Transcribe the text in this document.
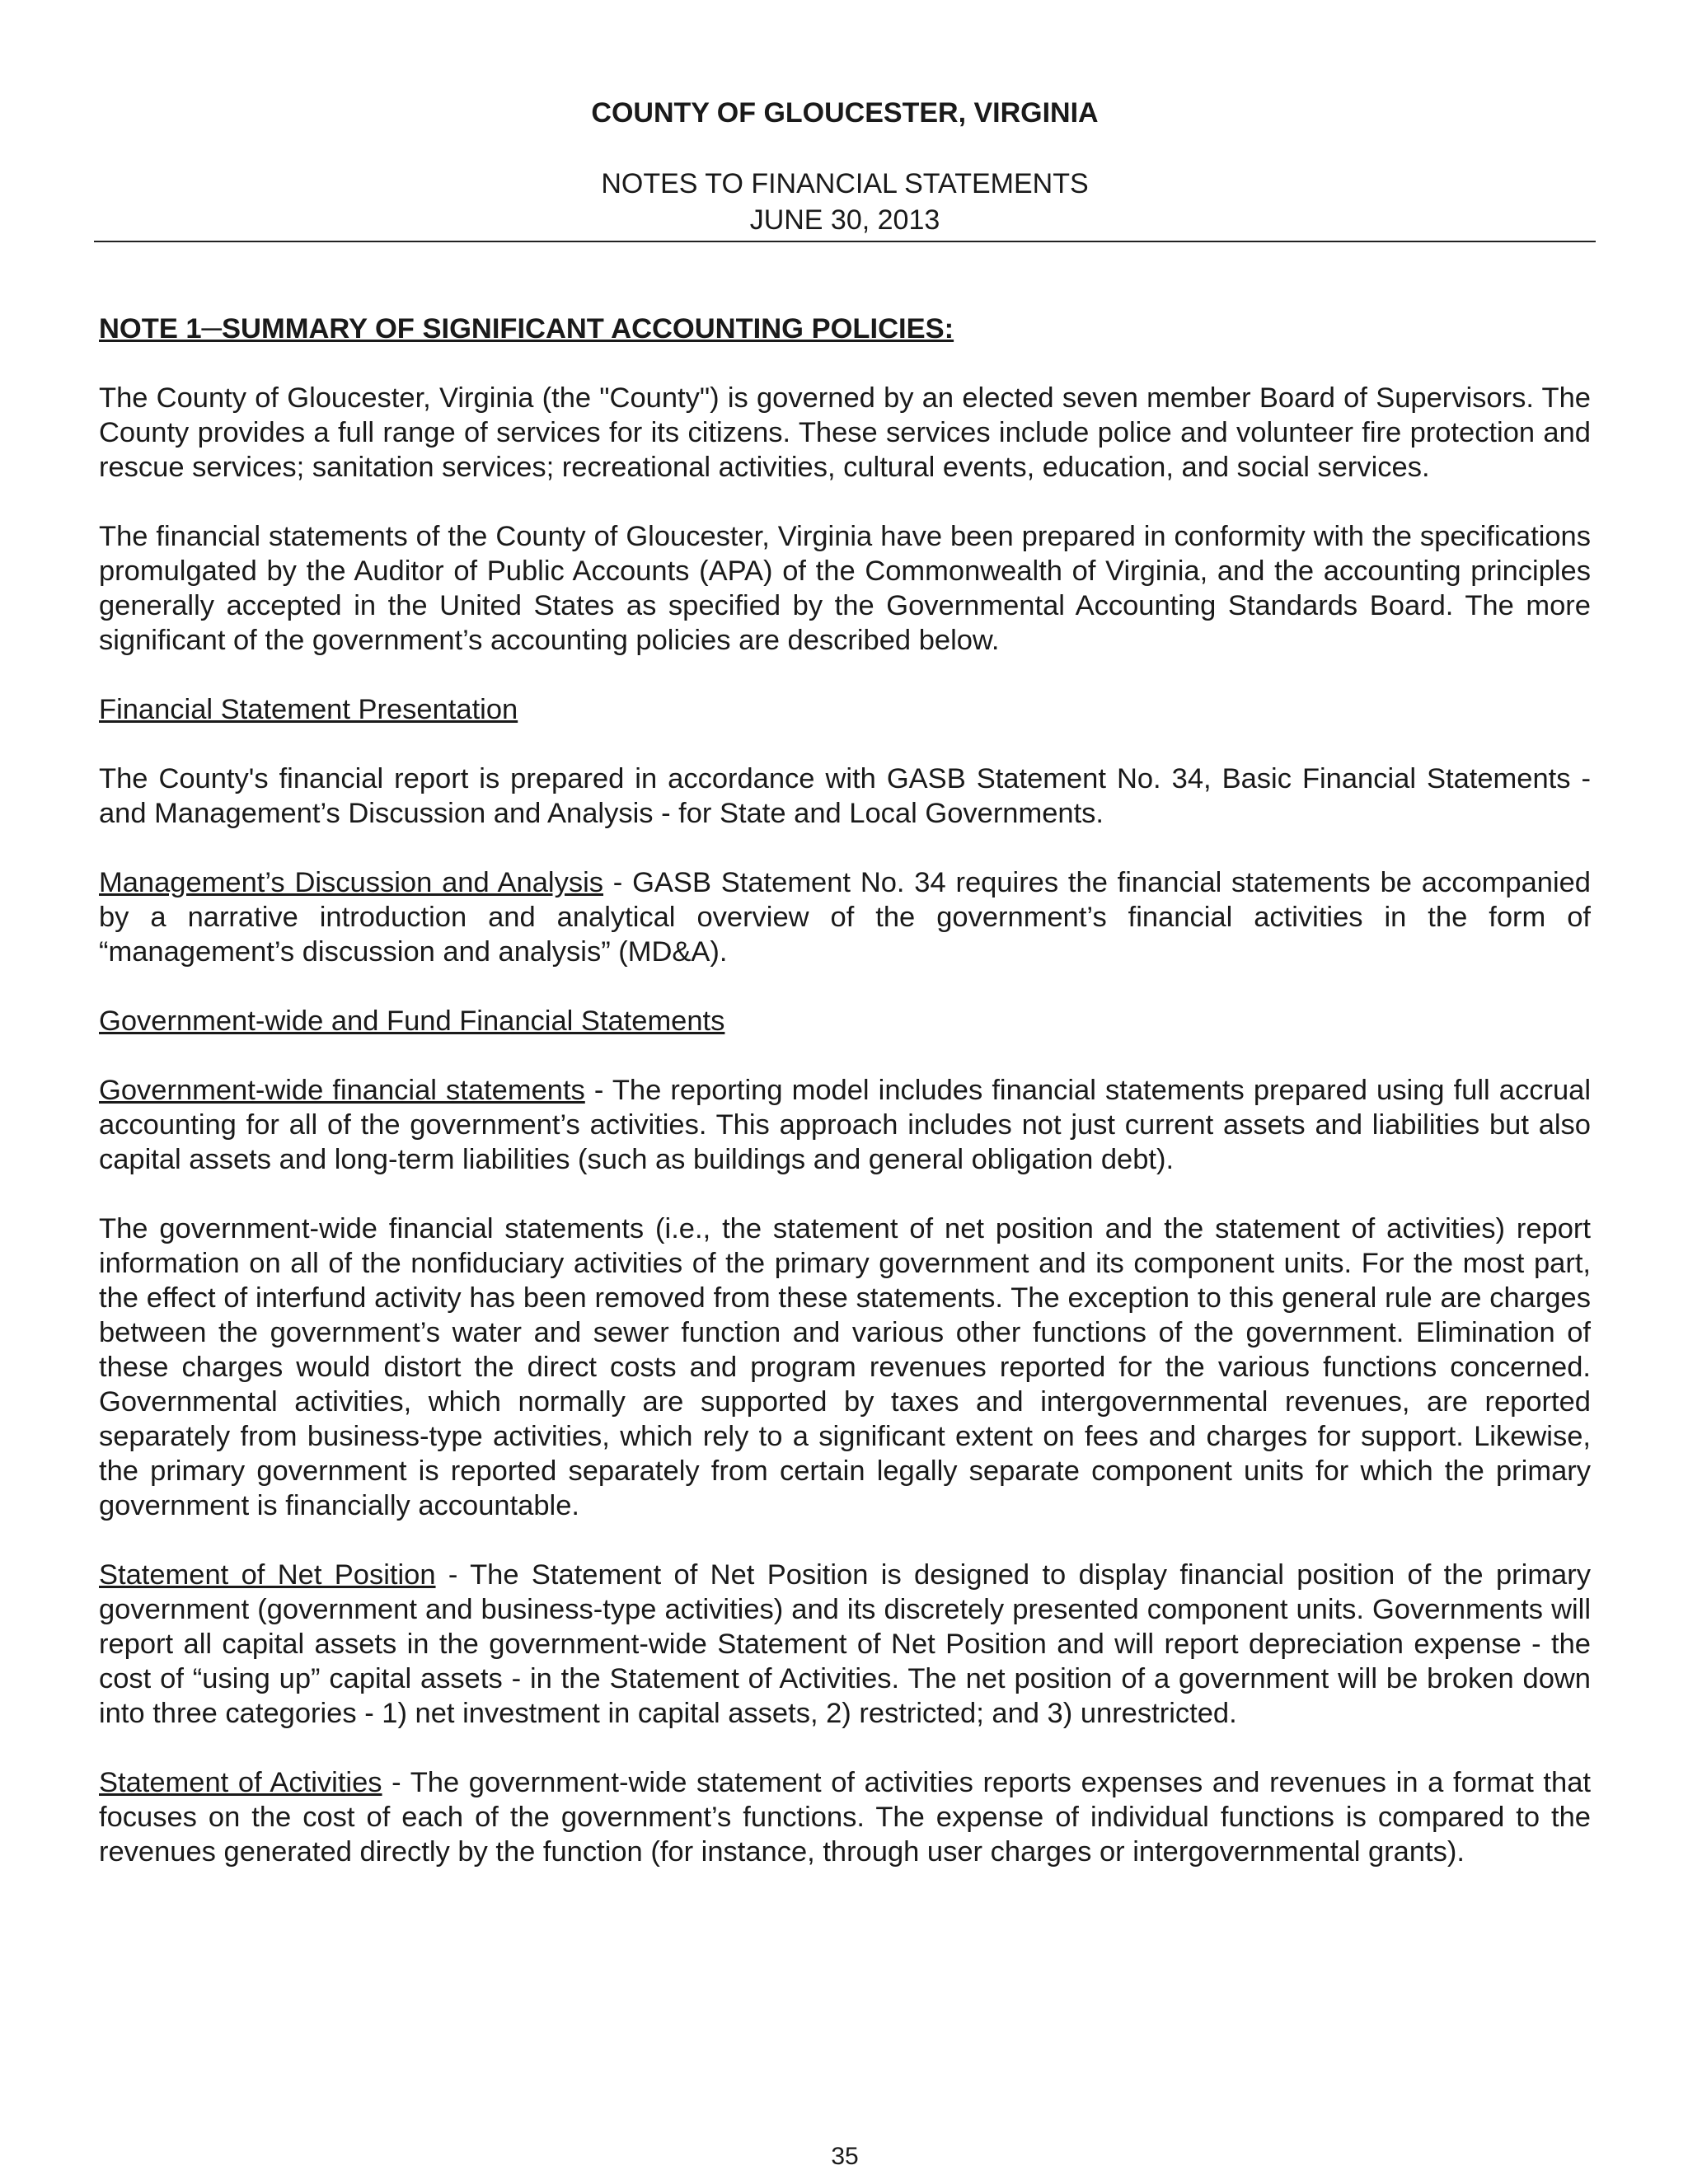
COUNTY OF GLOUCESTER, VIRGINIA
NOTES TO FINANCIAL STATEMENTS
JUNE 30, 2013
NOTE 1─SUMMARY OF SIGNIFICANT ACCOUNTING POLICIES:

The County of Gloucester, Virginia (the "County") is governed by an elected seven member Board of Supervisors. The County provides a full range of services for its citizens. These services include police and volunteer fire protection and rescue services; sanitation services; recreational activities, cultural events, education, and social services.

The financial statements of the County of Gloucester, Virginia have been prepared in conformity with the specifications promulgated by the Auditor of Public Accounts (APA) of the Commonwealth of Virginia, and the accounting principles generally accepted in the United States as specified by the Governmental Accounting Standards Board. The more significant of the government’s accounting policies are described below.

Financial Statement Presentation

The County's financial report is prepared in accordance with GASB Statement No. 34, Basic Financial Statements - and Management’s Discussion and Analysis - for State and Local Governments.

Management’s Discussion and Analysis - GASB Statement No. 34 requires the financial statements be accompanied by a narrative introduction and analytical overview of the government’s financial activities in the form of “management’s discussion and analysis” (MD&A).

Government-wide and Fund Financial Statements

Government-wide financial statements - The reporting model includes financial statements prepared using full accrual accounting for all of the government’s activities. This approach includes not just current assets and liabilities but also capital assets and long-term liabilities (such as buildings and general obligation debt).

The government-wide financial statements (i.e., the statement of net position and the statement of activities) report information on all of the nonfiduciary activities of the primary government and its component units. For the most part, the effect of interfund activity has been removed from these statements. The exception to this general rule are charges between the government’s water and sewer function and various other functions of the government. Elimination of these charges would distort the direct costs and program revenues reported for the various functions concerned. Governmental activities, which normally are supported by taxes and intergovernmental revenues, are reported separately from business-type activities, which rely to a significant extent on fees and charges for support. Likewise, the primary government is reported separately from certain legally separate component units for which the primary government is financially accountable.

Statement of Net Position - The Statement of Net Position is designed to display financial position of the primary government (government and business-type activities) and its discretely presented component units. Governments will report all capital assets in the government-wide Statement of Net Position and will report depreciation expense - the cost of “using up” capital assets - in the Statement of Activities. The net position of a government will be broken down into three categories - 1) net investment in capital assets, 2) restricted; and 3) unrestricted.

Statement of Activities - The government-wide statement of activities reports expenses and revenues in a format that focuses on the cost of each of the government’s functions. The expense of individual functions is compared to the revenues generated directly by the function (for instance, through user charges or intergovernmental grants).

35
